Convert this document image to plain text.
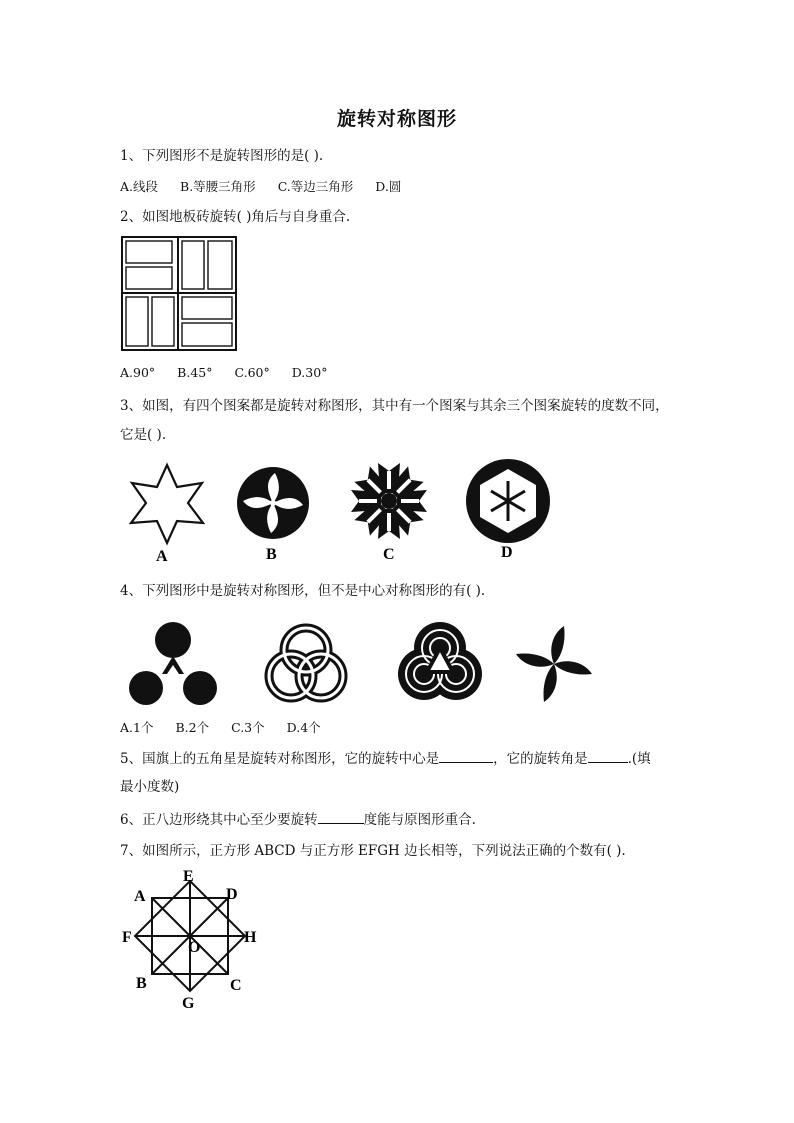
旋转对称图形
1、下列图形不是旋转图形的是( ).
A.线段 B.等腰三角形 C.等边三角形 D.圆
2、如图地板砖旋转( )角后与自身重合.
A.90° B.45° C.60° D.30°
3、如图，有四个图案都是旋转对称图形，其中有一个图案与其余三个图案旋转的度数不同，
它是( ).
A	B	C	D
4、下列图形中是旋转对称图形，但不是中心对称图形的有( ).
A.1个 B.2个 C.3个 D.4个
5、国旗上的五角星是旋转对称图形，它的旋转中心是	，它的旋转角是	.(填
最小度数)
6、正八边形绕其中心至少要旋转	度能与原图形重合.
7、如图所示，正方形 ABCD 与正方形 EFGH 边长相等，下列说法正确的个数有( ).
A
B	C
D
E
F
G
H
O
